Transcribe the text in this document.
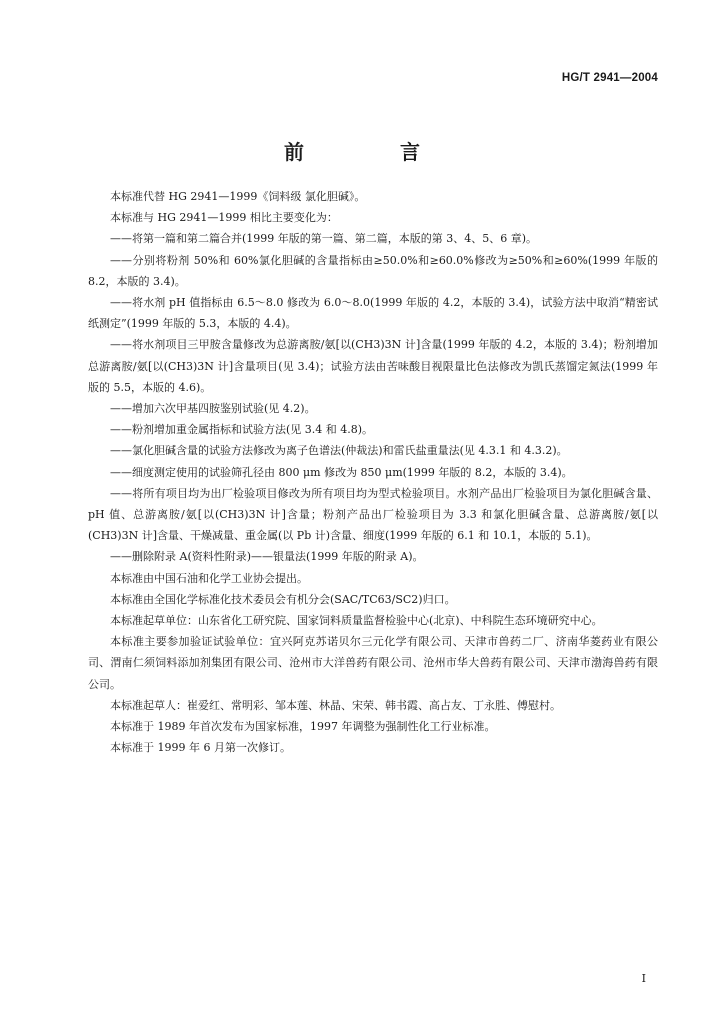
HG/T 2941—2004
前　言

本标准代替 HG 2941—1999《饲料级 氯化胆碱》。

本标准与 HG 2941—1999 相比主要变化为：

——将第一篇和第二篇合并(1999 年版的第一篇、第二篇，本版的第 3、4、5、6 章)。

——分别将粉剂 50%和 60%氯化胆碱的含量指标由≥50.0%和≥60.0%修改为≥50%和≥60%(1999 年版的 8.2，本版的 3.4)。

——将水剂 pH 值指标由 6.5～8.0 修改为 6.0～8.0(1999 年版的 4.2，本版的 3.4)，试验方法中取消“精密试纸测定”(1999 年版的 5.3，本版的 4.4)。

——将水剂项目三甲胺含量修改为总游离胺/氨[以(CH3)3N 计]含量(1999 年版的 4.2，本版的 3.4)；粉剂增加总游离胺/氨[以(CH3)3N 计]含量项目(见 3.4)；试验方法由苦味酸目视限量比色法修改为凯氏蒸馏定氮法(1999 年版的 5.5，本版的 4.6)。

——增加六次甲基四胺鉴别试验(见 4.2)。

——粉剂增加重金属指标和试验方法(见 3.4 和 4.8)。

——氯化胆碱含量的试验方法修改为离子色谱法(仲裁法)和雷氏盐重量法(见 4.3.1 和 4.3.2)。

——细度测定使用的试验筛孔径由 800 μm 修改为 850 μm(1999 年版的 8.2，本版的 3.4)。

——将所有项目均为出厂检验项目修改为所有项目均为型式检验项目。水剂产品出厂检验项目为氯化胆碱含量、pH 值、总游离胺/氨[以(CH3)3N 计]含量；粉剂产品出厂检验项目为 3.3 和氯化胆碱含量、总游离胺/氨[以(CH3)3N 计]含量、干燥减量、重金属(以 Pb 计)含量、细度(1999 年版的 6.1 和 10.1，本版的 5.1)。

——删除附录 A(资料性附录)——银量法(1999 年版的附录 A)。

本标准由中国石油和化学工业协会提出。

本标准由全国化学标准化技术委员会有机分会(SAC/TC63/SC2)归口。

本标准起草单位：山东省化工研究院、国家饲料质量监督检验中心(北京)、中科院生态环境研究中心。

本标准主要参加验证试验单位：宜兴阿克苏诺贝尔三元化学有限公司、天津市兽药二厂、济南华菱药业有限公司、渭南仁须饲料添加剂集团有限公司、沧州市大洋兽药有限公司、沧州市华大兽药有限公司、天津市渤海兽药有限公司。

本标准起草人：崔爱红、常明彩、邹本莲、林晶、宋荣、韩书霞、高占友、丁永胜、傅慰村。

本标准于 1989 年首次发布为国家标准，1997 年调整为强制性化工行业标准。

本标准于 1999 年 6 月第一次修订。

I
